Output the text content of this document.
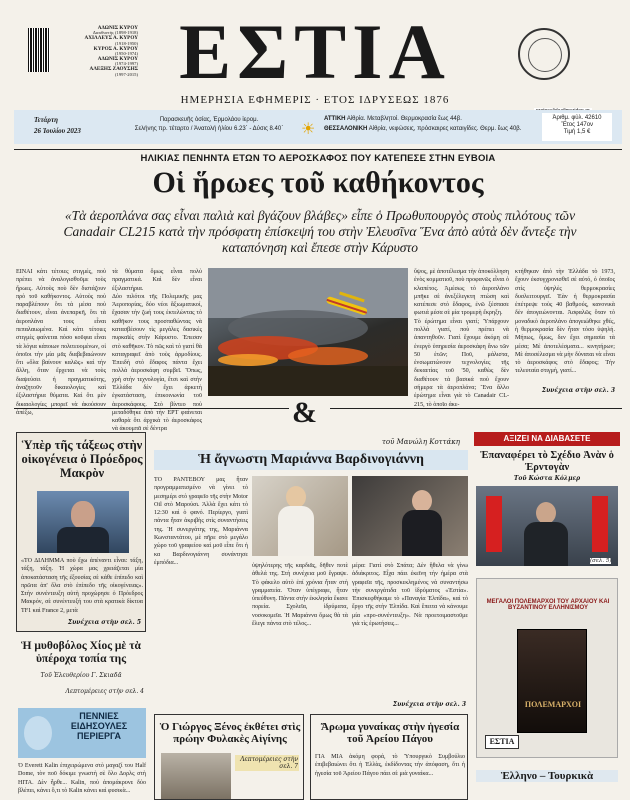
ΑΔΩΝΙΣ ΚΥΡΟΥ
Διευθυντής (1898-1918)
ΑΧΙΛΛΕΥΣ Α. ΚΥΡΟΥ
(1918-1950)
ΚΥΡΟΣ Α. ΚΥΡΟΥ
(1950-1974)
ΑΔΩΝΙΣ ΚΥΡΟΥ
(1974-1997)
ΑΛΕΞΗΣ ΖΑΟΥΣΗΣ
(1997-2015) ΕΣΤΙΑ
ΗΜΕΡΗΣΙΑ ΕΦΗΜΕΡΙΣ · ΕΤΟΣ ΙΔΡΥΣΕΩΣ 1876
Τετάρτη
26 Ἰουλίου 2023
Παρασκευῆς ὁσίας, Ἑρμολάου ἱερομ.
Σελήνης πρ. τέταρτο / Ἀνατολή ἡλίου 6.23΄ - Δύσις 8.40΄
ΑΤΤΙΚΗ Αἰθρία. Μεταβλητοί. Θερμοκρασία ἕως 44β.
ΘΕΣΣΑΛΟΝΙΚΗ Αἰθρία, νεφώσεις, πρόσκαιρες καταιγίδες. Θερμ. ἕως 40β.
Ἀριθμ. φύλ. 42610
Ἔτος 147ον
Τιμή 1,5 €
☀
ΗΛΙΚΙΑΣ ΠΕΝΗΝΤΑ ΕΤΩΝ ΤΟ ΑΕΡΟΣΚΑΦΟΣ ΠΟΥ ΚΑΤΕΠΕΣΕ ΣΤΗΝ ΕΥΒΟΙΑ
Οἱ ἥρωες τοῦ καθήκοντος
«Τὰ ἀεροπλάνα σας εἶναι παλιὰ καὶ βγάζουν βλάβες» εἶπε ὁ Πρωθυπουργὸς στοὺς πιλότους τῶν Canadair CL215 κατὰ τὴν πρόσφατη ἐπίσκεψή του στὴν Ἐλευσῖνα Ἕνα ἀπὸ αὐτὰ δὲν ἄντεξε τὴν καταπόνηση καὶ ἔπεσε στὴν Κάρυστο
ΕΙΝΑΙ κάτι τέτοιες στιγμές, ποὺ πρέπει νὰ ἀναλογισθοῦμε τοὺς ἥρωες. Αὐτοὺς ποὺ δὲν διστάζουν πρὸ τοῦ καθήκοντος. Αὐτοὺς ποὺ παραβλέπουν ὅτι τὰ μέσα ποὺ διαθέτουν, εἶναι ἀνεπαρκῆ, ὅτι τὰ ἀεροπλάνα τους εἶναι πεπαλαιωμένα. Καὶ κάτι τέτοιες στιγμὲς φαίνεται πόσο κοῦφια εἶναι τὰ λόγια κάποιων πολιτευομένων, οἱ ὁποῖοι τὴν μία μᾶς διαβεβαιώνουν ὅτι «ὅλα βαίνουν καλῶς» καὶ τὴν ἄλλη, ὅταν ἔρχεται νὰ τοὺς διαψεύσει ἡ πραγματικότης, ἀναζητοῦν δικαιολογίες καὶ ἐξιλαστήρια θύματα. Καὶ ὅτι μὲν δικαιολογίες μπορεῖ νὰ ἀκούσουν ἀπέξω,
τὰ θύματα ὅμως εἶναι πολὺ πραγματικά. Καὶ δὲν εἶναι ἐξιλαστήρια.
Δύο πιλότοι τῆς Πολεμικῆς μας Ἀεροπορίας, δύο νέοι ἄξιωματικοί, ἔχασαν τὴν ζωή τους ἐκτελώντας τὸ καθῆκον τους προσπαθώντας νὰ κατασβέσουν τὶς μεγάλες δασικὲς πυρκαϊὲς στὴν Κάρυστο. Ἐπεσαν στὸ καθῆκον. Τὸ πῶς καὶ τὸ γιατί θὰ καταγραφεῖ ἀπὸ τοὺς ἁρμοδίους. Ἐπειδὴ στὸ ἔδαφος πάντα ἔχει πολλὰ ἀεροσκάφη συμβεῖ. Ὅπως, χρὴ στὴν τεχνολογία, ἔτσι καὶ στὴν Ἑλλάδα δὲν ἔχει ἀρκετὴ ἐγκατάσταση, ἐπικοινωνία τοῦ ἀεροσκάφους. Στὸ βίντεο ποὺ μεταδόθηκε ἀπὸ τὴν ΕΡΤ φαίνεται καθαρὰ ὅτι ἀρχικὰ τὸ ἀεροσκάφος νὰ ἀκουμπᾶ σὲ δέντρα
ὕψος, μὲ ἀποτέλεσμα τὴν ἀποκόλληση ἑνὸς κομματιοῦ, ποὺ προφανῶς εἶναι ὁ κλαπέτος. Ἀμέσως τὸ ἀεροπλάνο μπῆκε σὲ ἀνεξέλεγκτη πτώση καὶ κατέπεσε στὸ ἔδαφος, ἐνῶ ξέσπασε φωτιά μέσα σὲ μία τρομερὴ ἔκρηξη.
Τὸ ἐρώτημα εἶναι γιατί; Ὑπάρχουν πολλὰ γιατί, ποὺ πρέπει νὰ ἀπαντηθοῦν. Γιατὶ ἔχουμε ἀκόμη σὲ ἐνεργὸ ὑπηρεσία ἀεροσκάφη ἄνω τῶν 50 ἐτῶν; Ποῦ, μάλιστα, ἐνσωματώνουν τεχνολογίες τῆς δεκαετίας τοῦ '50, καθὼς δὲν διαθέτουν τὰ βασικά ποὺ ἔχουν σήμερα τὰ ἀεροπλάνα; Ἕνα ἄλλο ἐρώτημα εἶναι γιὰ τὸ Canadair CL-215, τὸ ὁποῖο ἀκε-
κτήθηκαν ἀπὸ τὴν Ἑλλάδα τὸ 1973, ἔχουν ἐκσυγχρονισθεῖ σὲ αὐτό, ὁ ὁποῖος στὶς ὑψηλὲς θερμοκρασίες δυσλειτουργεῖ. Ἐὰν ἡ θερμοκρασία ἐπέτρεψε τοὺς 40 βαθμούς, κανονικὰ δὲν ἀπογειώνονται. Ἀσφαλῶς ὅταν τὸ μοναδικὸ ἀεροπλάνο ἀπογειώθηκε χθές, ἡ θερμοκρασία δὲν ἦταν τόσο ὑψηλή. Μήπως, ὅμως, δεν ἔχει σημασία τὰ μέσα; Μὲ ἀποτελέσματα... κινητήρων; Μὲ ἀποσέλεσμα νὰ μὴν δύναται νὰ εἶναι τὸ ἀεροσκάφος στὸ ἔδαφος; Τὴν τελευταία στιγμή, γιατί...
Συνέχεια στὴν σελ. 3
&
Ὑπὲρ τῆς τάξεως στὴν οἰκογένεια ὁ Πρόεδρος Μακρὸν
«ΤΟ ΔΙΛΗΜΜΑ ποὺ ἔχω ἀπέναντι εἶναι: τάξη, τάξη, τάξη. Ἡ χώρα μας χρειάζεται μία ἀποκατάσταση τῆς ἐξουσίας σὲ κάθε ἐπίπεδο καὶ πρῶτα ἀπ' ὅλα στὸ ἐπίπεδο τῆς οἰκογένειας». Στὴν συνέντευξη αὐτὴ προχώρησε ὁ Πρόεδρος Μακρόν, σὲ συνέντευξή του στὰ κρατικὰ δίκτυα TF1 καὶ France 2, μετὰ
Συνέχεια στὴν σελ. 5
Ἡ μυθοβόλος Χίος μὲ τὰ ὑπέροχα τοπία της
Τοῦ Ἐλευθερίου Γ. Σκιαδᾶ
Λεπτομέρειες στὴν σελ. 4
ΠΕΝΝΙΕΣ ΕΙΔΗΣΟΥΛΕΣ ΠΕΡΙΕΡΓΑ
Ὁ Everett Kalin ἐπιχειρώμενα στὸ μαγαζί του Half Dome, τὸν ποῦ δόκιμε γνωστὴ σὲ ὅλο Δορλς στὴ HITA. Δὲν ἦρθε... Kalin, ποὺ ἀπομάκρυνε δύο βλέπει, κάνει ὅ,τι τὸ Kalin κάνει καὶ φυσικὰ...
τοῦ Μανώλη Κοττάκη
Ἡ ἄγνωστη Μαριάννα Βαρδινογιάννη
ΤΟ ΡΑΝΤΕΒΟΥ μας ἦταν προγραμματισμένο νὰ γίνει τὸ μεσημέρι στὸ γραφεῖο τῆς στὴν Motor Oil στὸ Μαρούσι. Ἀλλὰ ἔχει κάτι τὸ 12:30 καὶ ὁ φανό. Περίεργο, γιατὶ πάντα ἦταν ἀκριβὴς στὶς συναντήσεις της. Ἡ συνεργάτης της, Μαριάννα Κωνσταντάτου, μὲ πῆρε στὸ μεγάλο χώρο τοῦ γραφείου καὶ μοῦ εἶπε ὅτι ἡ κα Βαρδινογιάννη συνάντησε ἐμπόδια...
ὑψηλότερης τῆς καρδιᾶς, δῆθεν ποτὲ ἀθελά της. Στὴ συνέχεια μοῦ ἔγραψε. Τὸ φάκελο αὐτὸ ἐπί χρόνια ἦταν στὴ γραμματεία. Ὅταν ὑπέγραφε, ἦταν ὑπεύθυνη. Πάντα στὴν ἐκκλησία ἔκανε πορεία. Σχολεῖα, ἰδρύματα, νοσοκομεῖα. Ἡ Μαριάννα ὅμως θὰ τὰ ἔλεγε πάντα στὸ τέλος...
μέρα: Γιατί στὸ Σπάτα; Δὲν ἤθελα νὰ γίνω ἀδιάκριτος. Εἶχα πάει ἐκεῖνη τὴν ἡμέρα στὰ γραφεῖα τῆς, προσκεκλημένος νὰ συναντήσω τὴν συνεργάτιδα τοῦ ἱδρύματος «Ἐστία». Ἐπισκεφθήκαμε τὸ «Παναγία Ἐλπίδα», καὶ τὸ ἔργο τῆς στὴν Ἐλπίδα. Καὶ ἔπειτα νὰ κάνουμε μία «προ-συνέντευξη». Νὰ προετοιμαστοῦμε γιὰ τὶς ἐρωτήσεις...
Συνέχεια στὴν σελ. 3
Ὁ Γιώργος Ξένος ἐκθέτει στὶς πρώην Φυλακὲς Αἰγίνης
Λεπτομέρειες στὴν σελ. 7
Ἄρωμα γυναίκας στὴν ἡγεσία τοῦ Ἀρείου Πάγου
ΓΙΑ ΜΙΑ ἀκόμη φορά, τὸ Ὑπουργικὸ Συμβούλιο ἐπιβεβαιώνει ὅτι ἡ Ἑλλὰς, ἐκδίδοντας τὴν ἀπόφαση, ὅτι ἡ ἡγεσία τοῦ Ἀρείου Πάγου πάει σὲ μιὰ γυναίκα...
ΑΞΙΖΕΙ ΝΑ ΔΙΑΒΑΣΕΤΕ
Ἐπαναφέρει τὸ Σχέδιο Ἀνὰν ὁ Ἐρντογὰν
Τοῦ Κώστα Κόλμερ
(σελ. 5)
ΜΕΓΑΛΟΙ ΠΟΛΕΜΑΡΧΟΙ ΤΟΥ ΑΡΧΑΙΟΥ ΚΑΙ ΒΥΖΑΝΤΙΝΟΥ ΕΛΛΗΝΙΣΜΟΥ
ΠΟΛΕΜΑΡΧΟΙ
ΕΣΤΙΑ
Ἑλληνο – Τουρκικὰ
